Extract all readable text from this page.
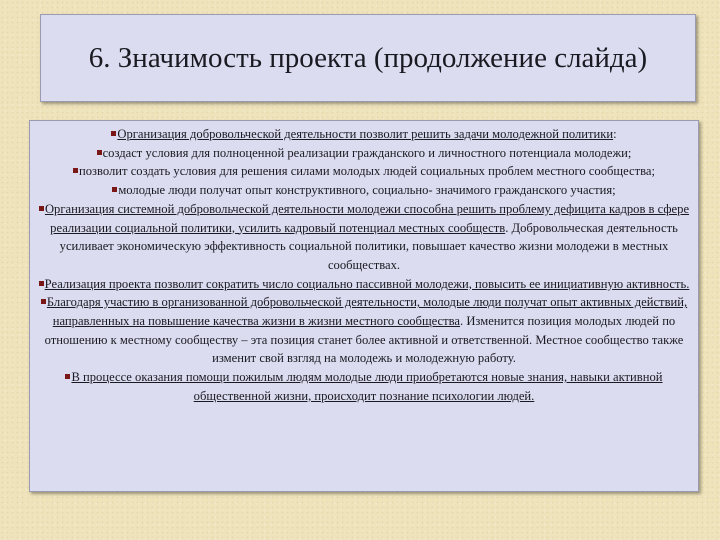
6. Значимость проекта (продолжение слайда)

Организация добровольческой деятельности позволит решить задачи молодежной политики:

создаст условия для полноценной реализации гражданского и личностного потенциала молодежи;

позволит создать условия для решения силами молодых людей социальных проблем местного сообщества;

молодые люди получат опыт конструктивного, социально- значимого гражданского участия;

Организация системной добровольческой деятельности молодежи способна решить проблему дефицита кадров в сфере реализации социальной политики, усилить кадровый потенциал местных сообществ. Добровольческая деятельность усиливает экономическую эффективность социальной политики, повышает качество жизни молодежи в местных сообществах.

Реализация проекта позволит сократить число социально пассивной молодежи, повысить ее инициативную активность.

Благодаря участию в организованной добровольческой деятельности, молодые люди получат опыт активных действий, направленных на повышение качества жизни в жизни местного сообщества. Изменится позиция молодых людей по отношению к местному сообществу – эта позиция станет более активной и ответственной. Местное сообщество также изменит свой взгляд на молодежь и молодежную работу.

В процессе оказания помощи пожилым людям молодые люди приобретаются новые знания, навыки активной общественной жизни, происходит познание психологии людей.
